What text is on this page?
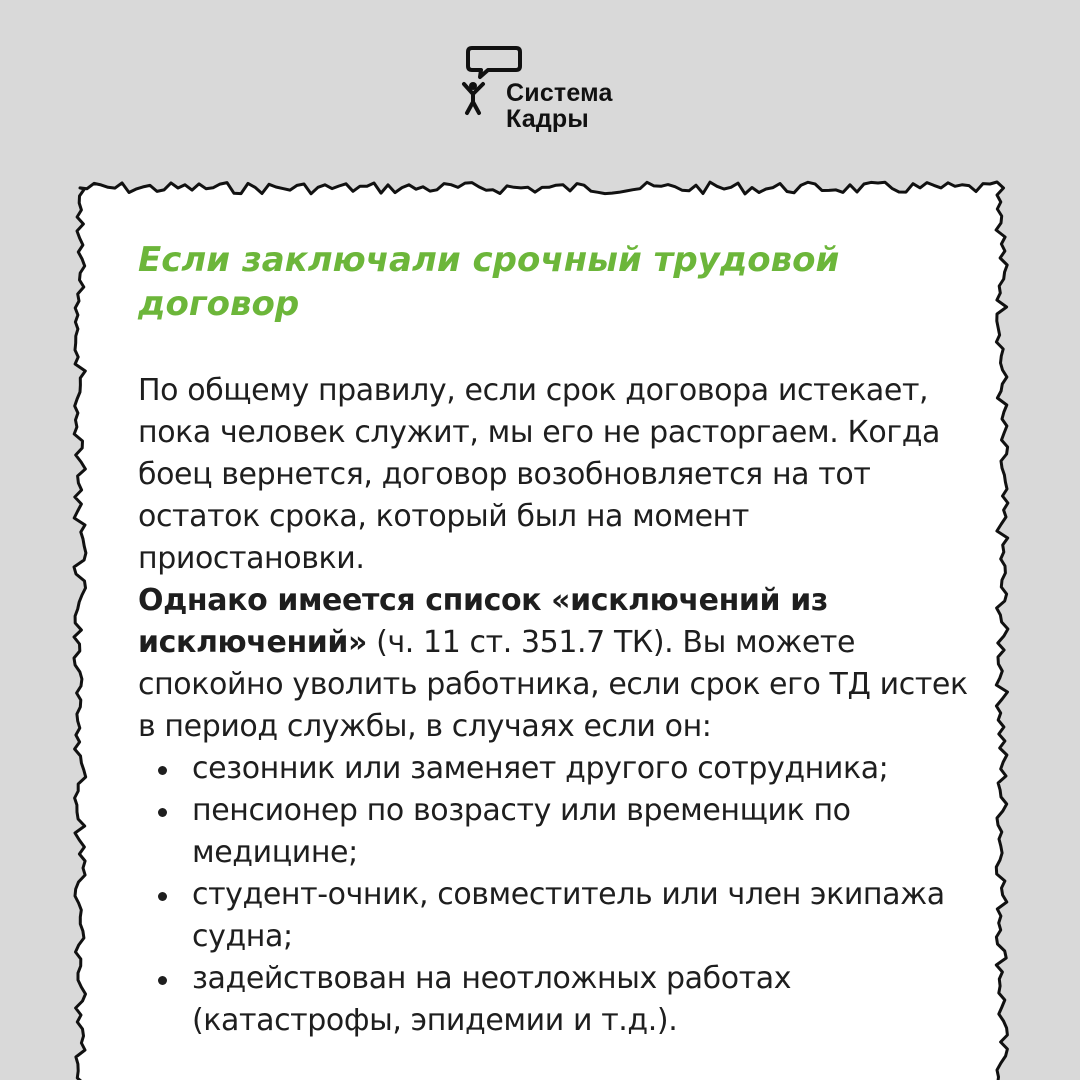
Система
Кадры
Если заключали срочный трудовой договор

По общему правилу, если срок договора истекает, пока человек служит, мы его не расторгаем. Когда боец вернется, договор возобновляется на тот остаток срока, который был на момент приостановки.

Однако имеется список «исключений из исключений» (ч. 11 ст. 351.7 ТК). Вы можете спокойно уволить работника, если срок его ТД истек в период службы, в случаях если он:

сезонник или заменяет другого сотрудника;
пенсионер по возрасту или временщик по медицине;
студент-очник, совместитель или член экипажа судна;
задействован на неотложных работах (катастрофы, эпидемии и т.д.).
